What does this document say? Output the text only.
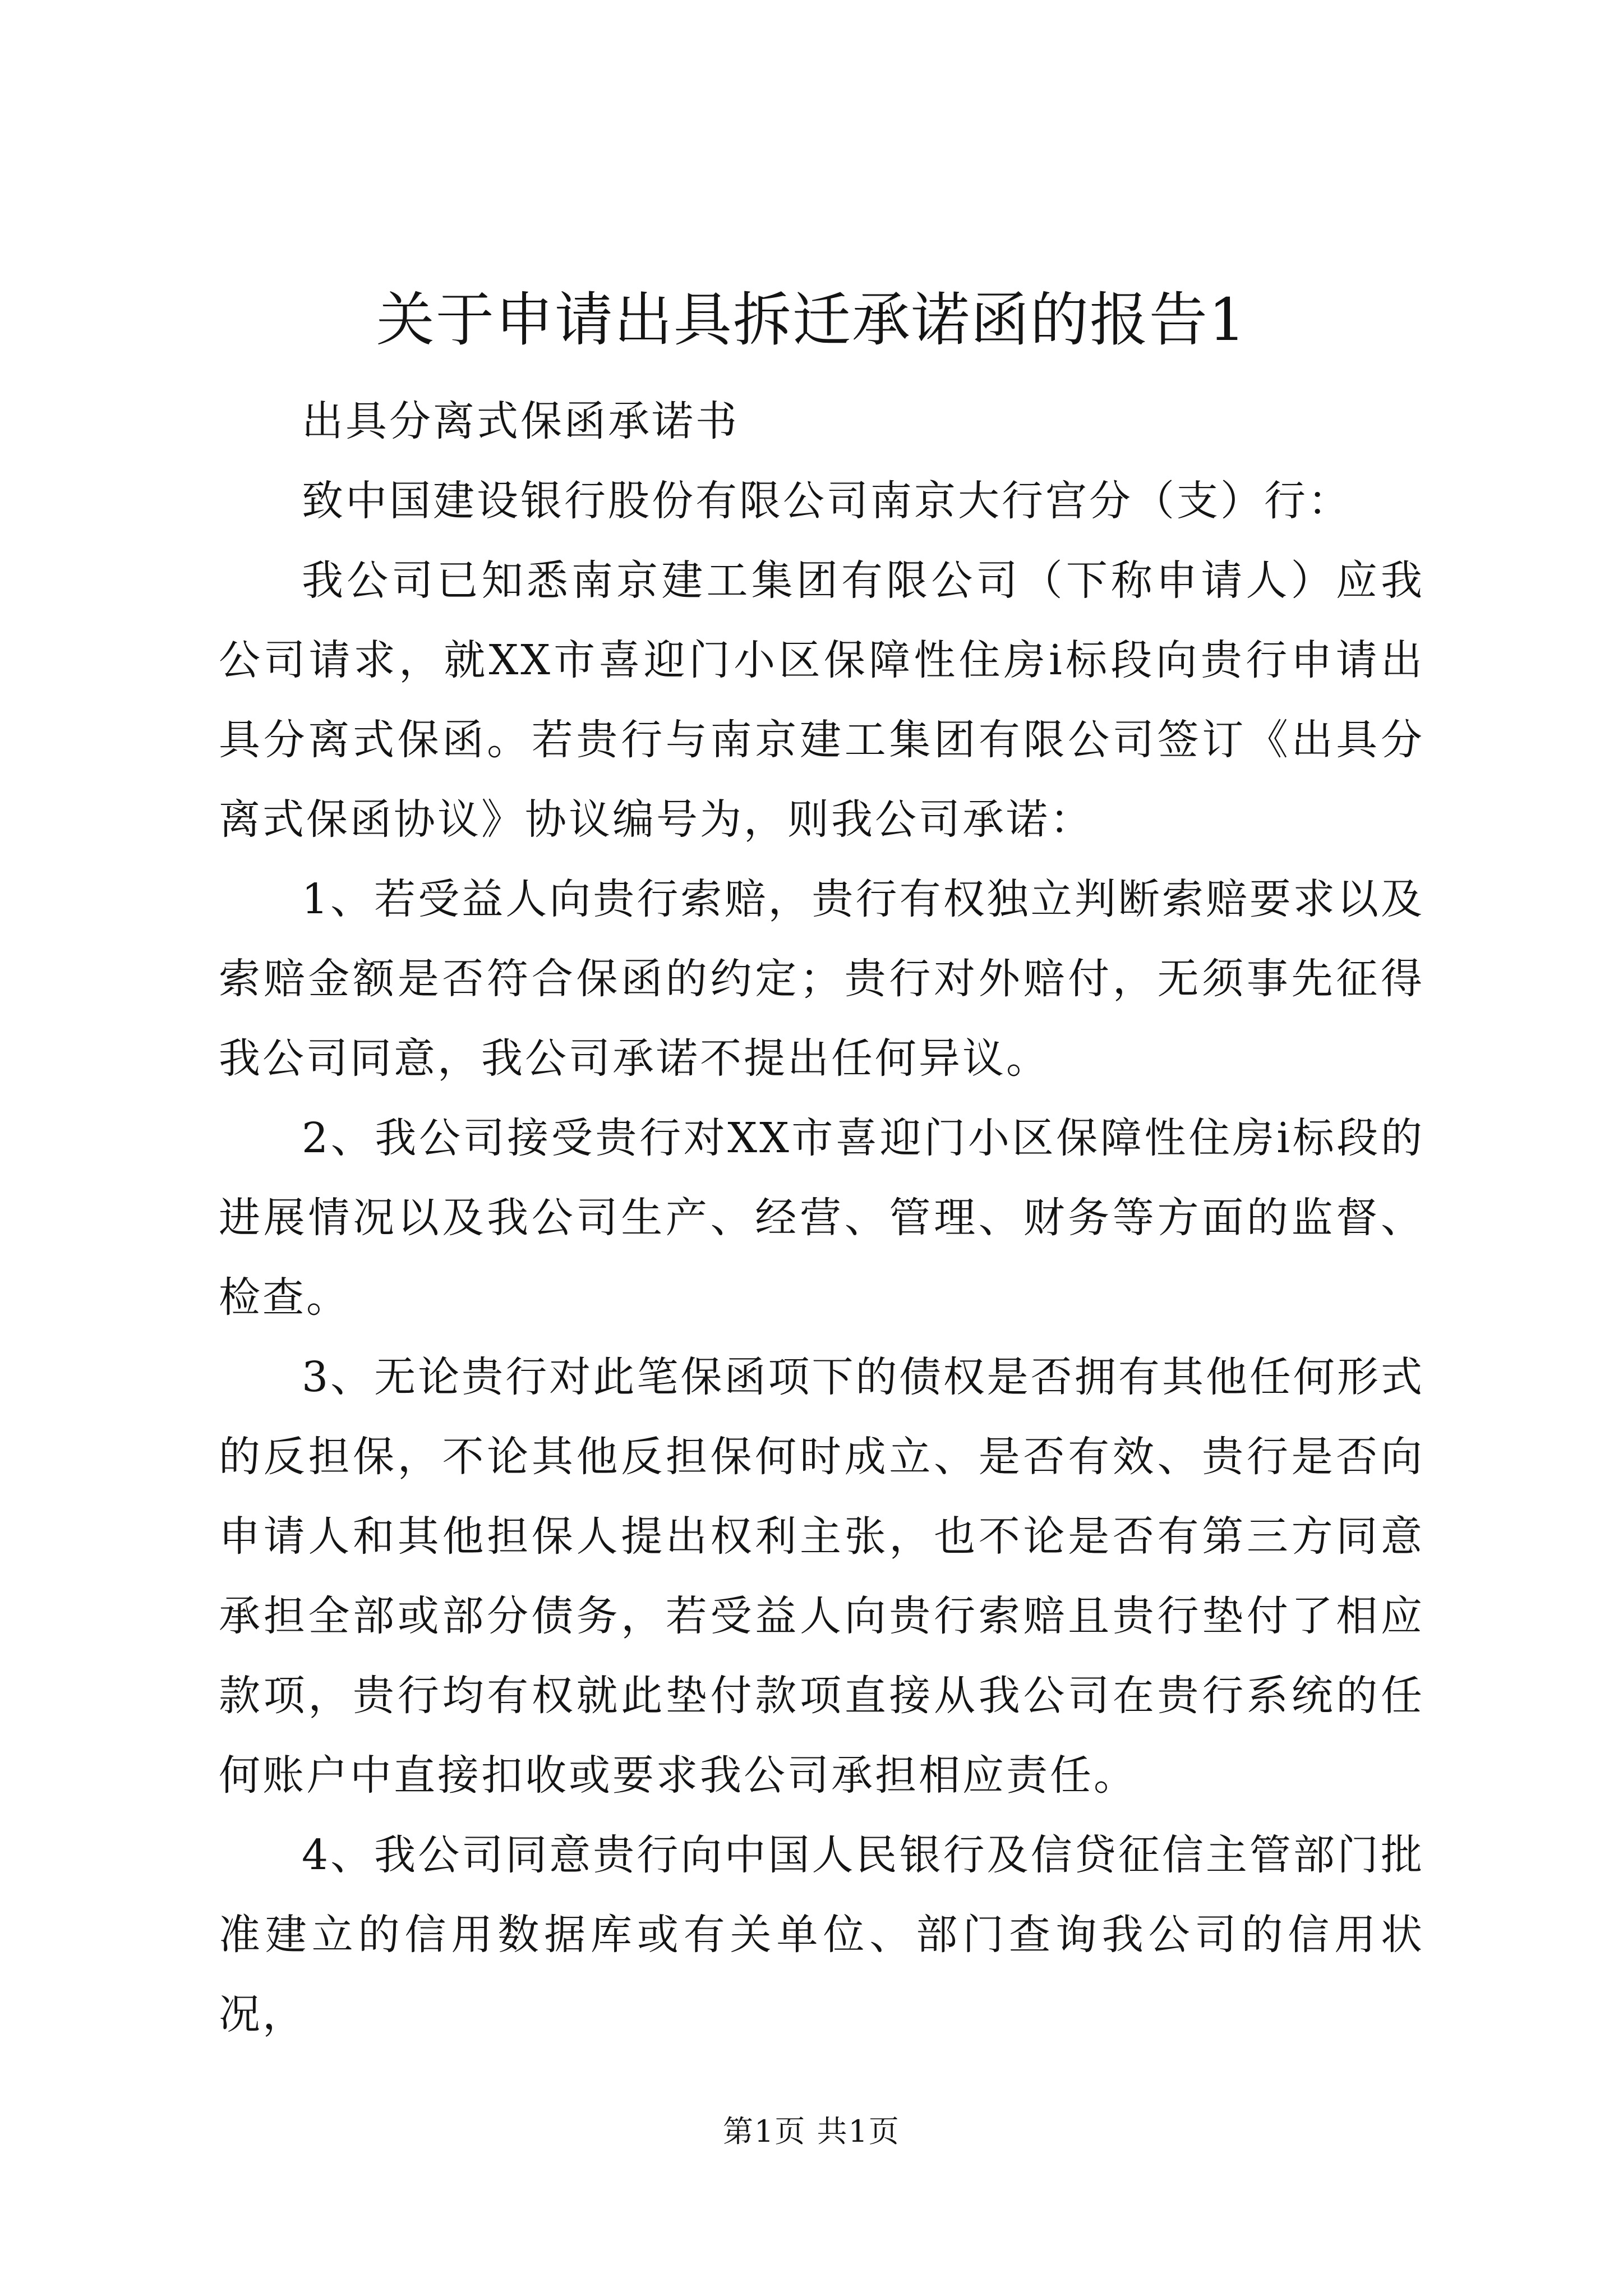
关于申请出具拆迁承诺函的报告1

出具分离式保函承诺书

致中国建设银行股份有限公司南京大行宫分（支）行：

我公司已知悉南京建工集团有限公司（下称申请人）应我公司请求，就XX市喜迎门小区保障性住房i标段向贵行申请出具分离式保函。若贵行与南京建工集团有限公司签订《出具分离式保函协议》协议编号为，则我公司承诺：

1、若受益人向贵行索赔，贵行有权独立判断索赔要求以及索赔金额是否符合保函的约定；贵行对外赔付，无须事先征得我公司同意，我公司承诺不提出任何异议。

2、我公司接受贵行对XX市喜迎门小区保障性住房i标段的进展情况以及我公司生产、经营、管理、财务等方面的监督、检查。

3、无论贵行对此笔保函项下的债权是否拥有其他任何形式的反担保，不论其他反担保何时成立、是否有效、贵行是否向申请人和其他担保人提出权利主张，也不论是否有第三方同意承担全部或部分债务，若受益人向贵行索赔且贵行垫付了相应款项，贵行均有权就此垫付款项直接从我公司在贵行系统的任何账户中直接扣收或要求我公司承担相应责任。

4、我公司同意贵行向中国人民银行及信贷征信主管部门批准建立的信用数据库或有关单位、部门查询我公司的信用状况，

第1页 共1页
